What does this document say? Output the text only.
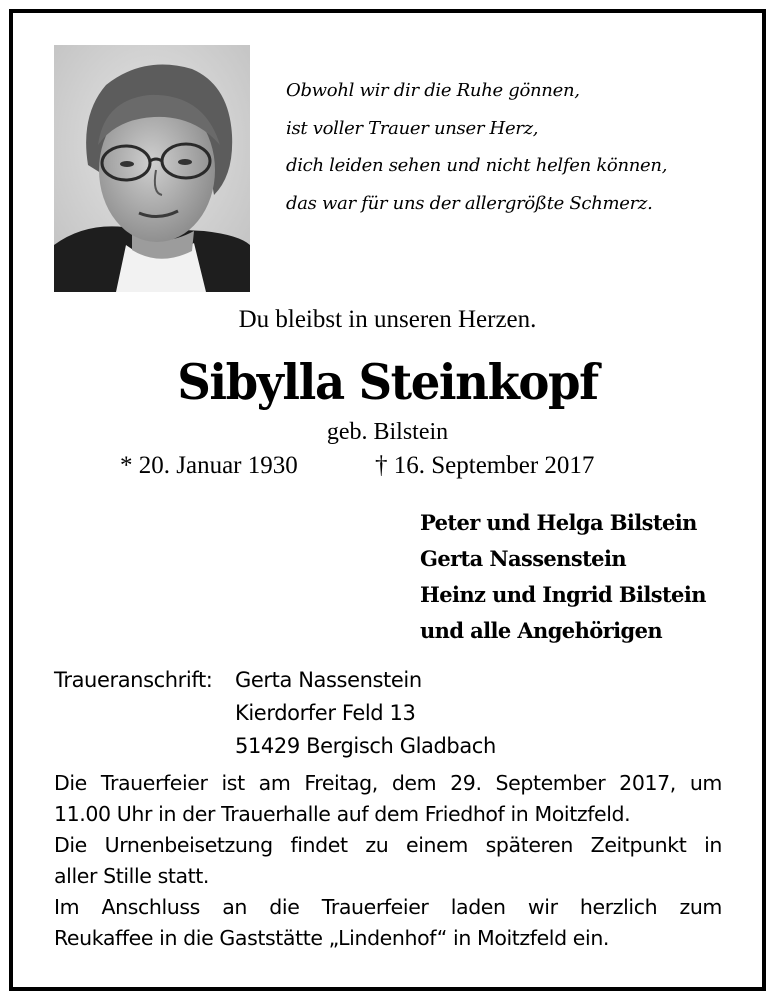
Obwohl wir dir die Ruhe gönnen,
ist voller Trauer unser Herz,
dich leiden sehen und nicht helfen können,
das war für uns der allergrößte Schmerz.
Du bleibst in unseren Herzen.
Sibylla Steinkopf
geb. Bilstein
* 20. Januar 1930	† 16. September 2017
Peter und Helga Bilstein
Gerta Nassenstein
Heinz und Ingrid Bilstein
und alle Angehörigen
Traueranschrift:	Gerta Nassenstein
Kierdorfer Feld 13
51429 Bergisch Gladbach

Die Trauerfeier ist am Freitag, dem 29. September 2017, um

11.00 Uhr in der Trauerhalle auf dem Friedhof in Moitzfeld.

Die Urnenbeisetzung findet zu einem späteren Zeitpunkt in

aller Stille statt.

Im Anschluss an die Trauerfeier laden wir herzlich zum

Reukaffee in die Gaststätte „Lindenhof“ in Moitzfeld ein.
